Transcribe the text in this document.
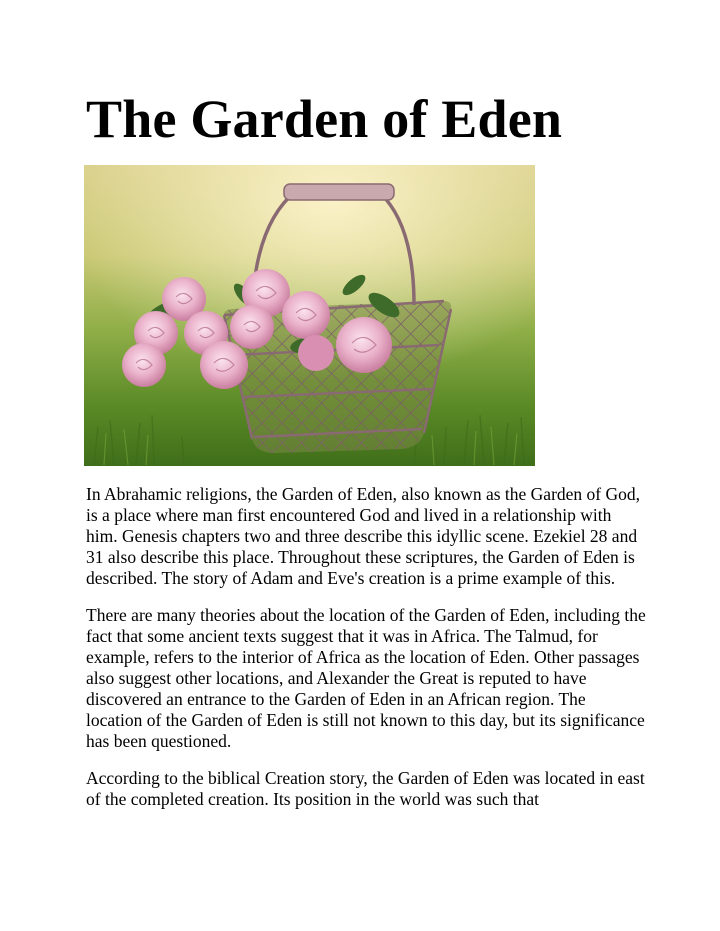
The Garden of Eden

In Abrahamic religions, the Garden of Eden, also known as the Garden of God, is a place where man first encountered God and lived in a relationship with him. Genesis chapters two and three describe this idyllic scene. Ezekiel 28 and 31 also describe this place. Throughout these scriptures, the Garden of Eden is described. The story of Adam and Eve's creation is a prime example of this.

There are many theories about the location of the Garden of Eden, including the fact that some ancient texts suggest that it was in Africa. The Talmud, for example, refers to the interior of Africa as the location of Eden. Other passages also suggest other locations, and Alexander the Great is reputed to have discovered an entrance to the Garden of Eden in an African region. The location of the Garden of Eden is still not known to this day, but its significance has been questioned.

According to the biblical Creation story, the Garden of Eden was located in east of the completed creation. Its position in the world was such that
